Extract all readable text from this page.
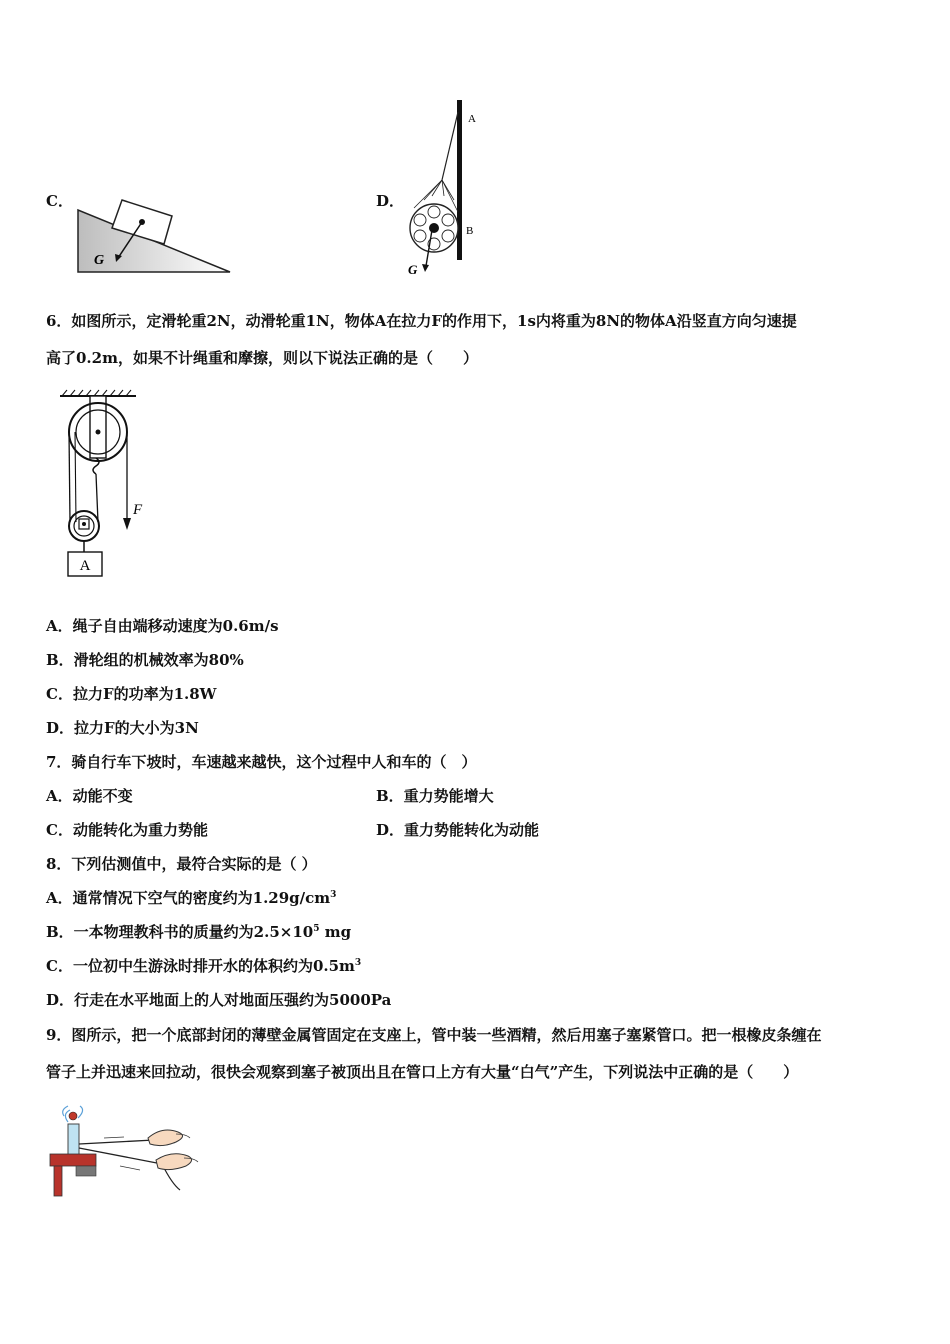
C．
G
D．
A
B
G
6．如图所示，定滑轮重2N，动滑轮重1N，物体A在拉力F的作用下，1s内将重为8N的物体A沿竖直方向匀速提
高了0.2m，如果不计绳重和摩擦，则以下说法正确的是（　　）
F
A
A．绳子自由端移动速度为0.6m/s
B．滑轮组的机械效率为80%
C．拉力F的功率为1.8W
D．拉力F的大小为3N
7．骑自行车下坡时，车速越来越快，这个过程中人和车的（　）
A．动能不变	B．重力势能增大
C．动能转化为重力势能	D．重力势能转化为动能
8．下列估测值中，最符合实际的是（ ）
A．通常情况下空气的密度约为$1.29g/cm^3$
B．一本物理教科书的质量约为$2.5\times 10^5$ mg
C．一位初中生游泳时排开水的体积约为$0.5m^3$
D．行走在水平地面上的人对地面压强约为5000Pa
9．图所示，把一个底部封闭的薄壁金属管固定在支座上，管中装一些酒精，然后用塞子塞紧管口。把一根橡皮条缠在
管子上并迅速来回拉动，很快会观察到塞子被顶出且在管口上方有大量“白气”产生，下列说法中正确的是（　　）
